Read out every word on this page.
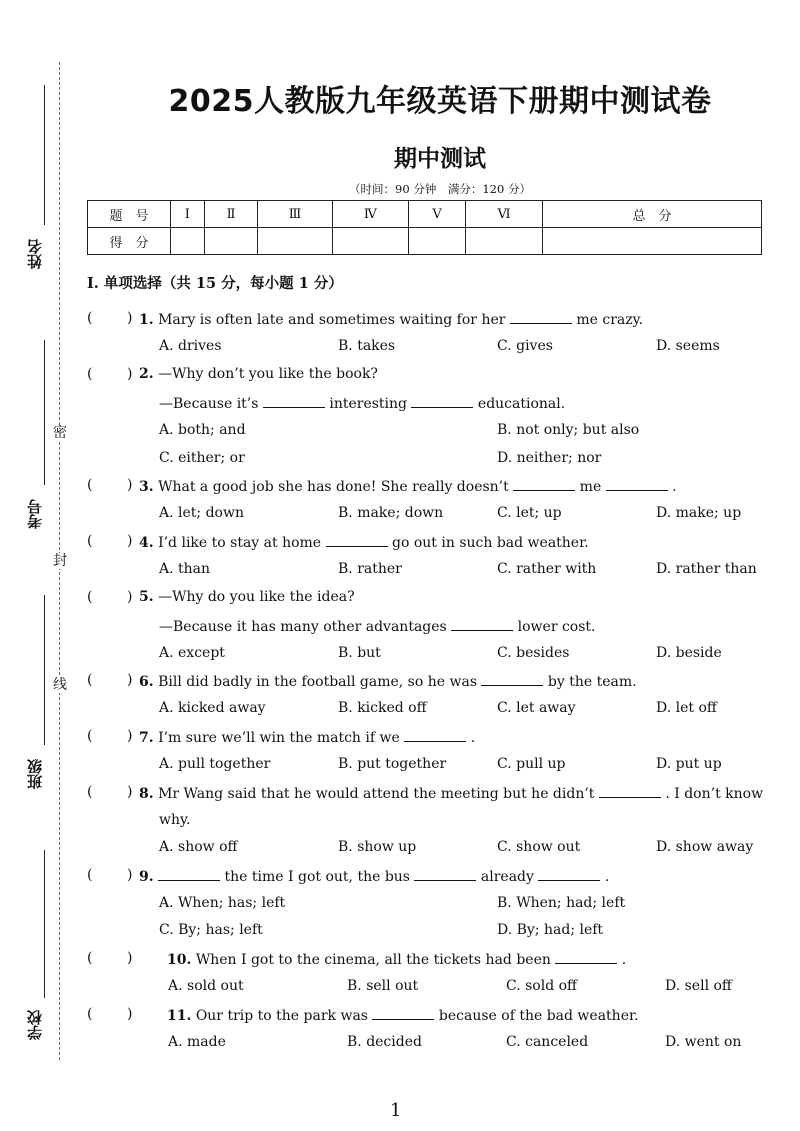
姓名
考号
班级
学校
密
封
线
2025人教版九年级英语下册期中测试卷
期中测试
（时间：90 分钟　满分：120 分）
题　号	Ⅰ	Ⅱ	Ⅲ	Ⅳ	Ⅴ	Ⅵ	总　分
得　分							
Ⅰ. 单项选择（共 15 分，每小题 1 分）
( ) 1. Mary is often late and sometimes waiting for her	me crazy.
A. drives	B. takes	C. gives	D. seems
( ) 2. —Why don’t you like the book?
—Because it’s	interesting	educational.
A. both; and	B. not only; but also
C. either; or	D. neither; nor
( ) 3. What a good job she has done! She really doesn’t	me	.
A. let; down	B. make; down	C. let; up	D. make; up
( ) 4. I’d like to stay at home	go out in such bad weather.
A. than	B. rather	C. rather with	D. rather than
( ) 5. —Why do you like the idea?
—Because it has many other advantages	lower cost.
A. except	B. but	C. besides	D. beside
( ) 6. Bill did badly in the football game, so he was	by the team.
A. kicked away	B. kicked off	C. let away	D. let off
( ) 7. I’m sure we’ll win the match if we	.
A. pull together	B. put together	C. pull up	D. put up
( ) 8. Mr Wang said that he would attend the meeting but he didn’t	. I don’t know
why.
A. show off	B. show up	C. show out	D. show away
( ) 9.	the time I got out, the bus	already	.
A. When; has; left	B. When; had; left
C. By; has; left	D. By; had; left
( ) 10. When I got to the cinema, all the tickets had been	.
A. sold out	B. sell out	C. sold off	D. sell off
( ) 11. Our trip to the park was	because of the bad weather.
A. made	B. decided	C. canceled	D. went on
1
